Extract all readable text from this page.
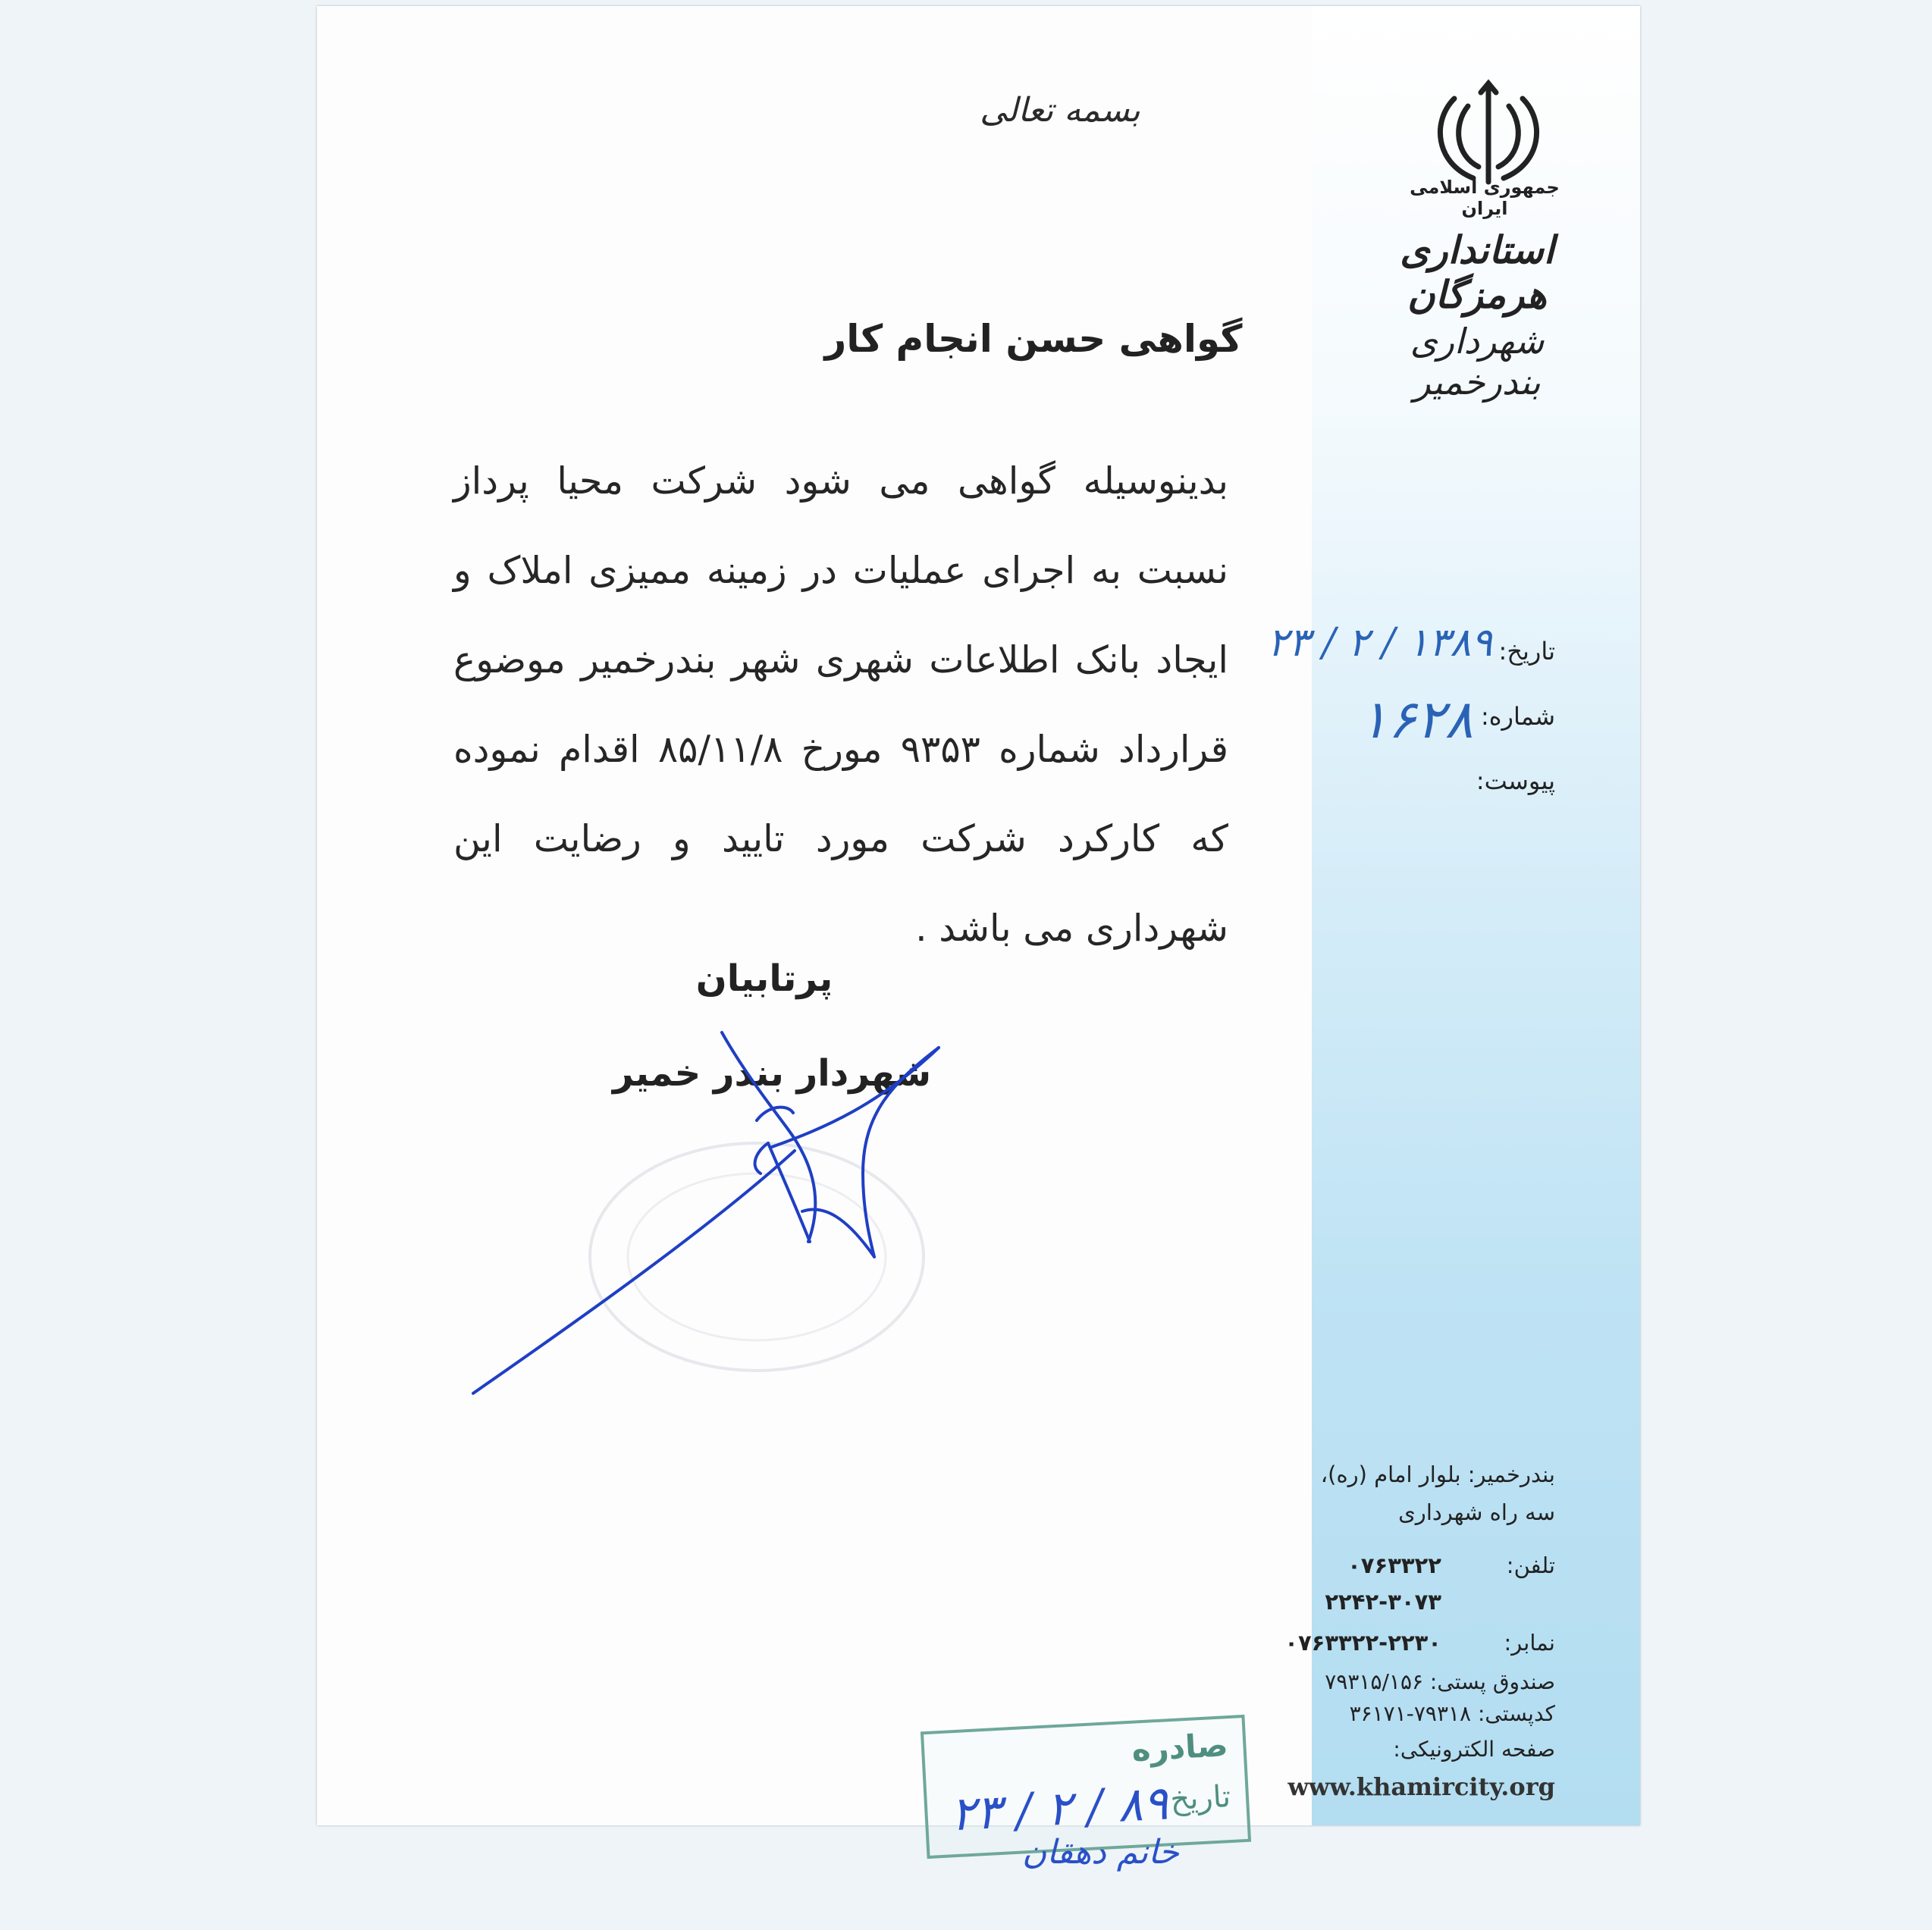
جمهوری اسلامی ایران
استانداری هرمزگان
شهرداری بندرخمیر
تاریخ:
۱۳۸۹ / ۲ / ۲۳
شماره:
۱۶۲۸
پیوست:
بسمه تعالی
گواهی حسن انجام کار
بدینوسیله گواهی می شود شرکت محیا پرداز نسبت به اجرای عملیات در زمینه ممیزی املاک و ایجاد بانک اطلاعات شهری شهر بندرخمیر موضوع قرارداد شماره ۹۳۵۳ مورخ ۸۵/۱۱/۸ اقدام نموده که کارکرد شرکت مورد تایید و رضایت این شهرداری می باشد .
پرتابیان
شهردار بندر خمیر
بندرخمیر: بلوار امام (ره)،
سه راه شهرداری
تلفن:
۰۷۶۳۳۲۲
۲۲۴۲-۳۰۷۳
نمابر:
۰۷۶۳۳۲۲-۲۲۳۰
صندوق پستی: ۷۹۳۱۵/۱۵۶
کدپستی: ۷۹۳۱۸-۳۶۱۷۱
صفحه الکترونیکی:
www.khamircity.org
صادره
تاریخ
۸۹ / ۲ / ۲۳
خانم دهقان
